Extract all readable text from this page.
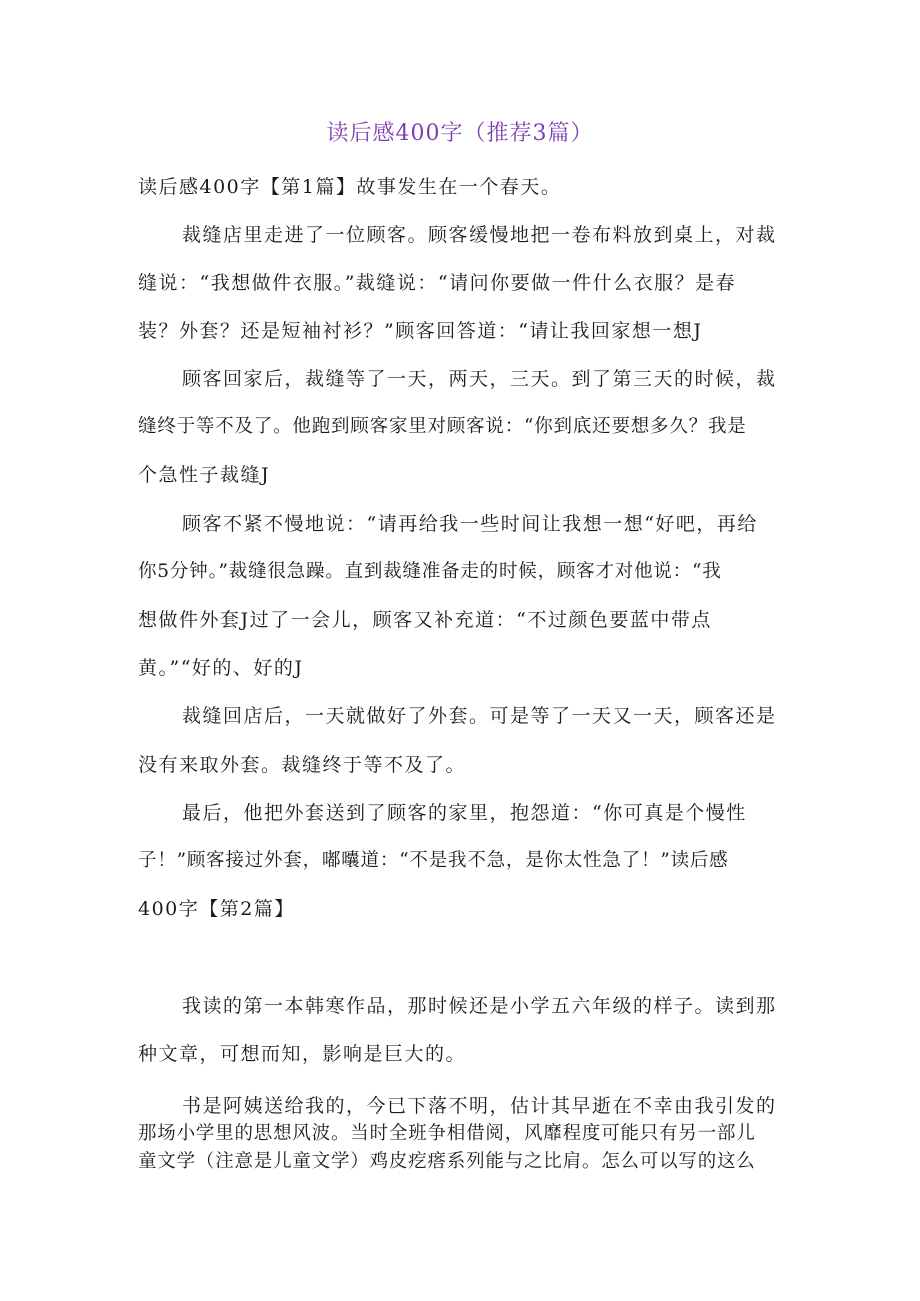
读后感400字（推荐3篇）
读后感400字【第1篇】故事发生在一个春天。
裁缝店里走进了一位顾客。顾客缓慢地把一卷布料放到桌上，对裁
缝说：“我想做件衣服。”裁缝说：“请问你要做一件什么衣服？是春
装？外套？还是短袖衬衫？”顾客回答道：“请让我回家想一想J
顾客回家后，裁缝等了一天，两天，三天。到了第三天的时候，裁
缝终于等不及了。他跑到顾客家里对顾客说：“你到底还要想多久？我是
个急性子裁缝J
顾客不紧不慢地说：“请再给我一些时间让我想一想“好吧，再给
你5分钟。”裁缝很急躁。直到裁缝准备走的时候，顾客才对他说：“我
想做件外套J过了一会儿，顾客又补充道：“不过颜色要蓝中带点
黄。”“好的、好的J
裁缝回店后，一天就做好了外套。可是等了一天又一天，顾客还是
没有来取外套。裁缝终于等不及了。
最后，他把外套送到了顾客的家里，抱怨道：“你可真是个慢性
子！”顾客接过外套，嘟囔道：“不是我不急，是你太性急了！”读后感
400字【第2篇】
我读的第一本韩寒作品，那时候还是小学五六年级的样子。读到那
种文章，可想而知，影响是巨大的。
书是阿姨送给我的，今已下落不明，估计其早逝在不幸由我引发的
那场小学里的思想风波。当时全班争相借阅，风靡程度可能只有另一部儿
童文学（注意是儿童文学）鸡皮疙瘩系列能与之比肩。怎么可以写的这么
